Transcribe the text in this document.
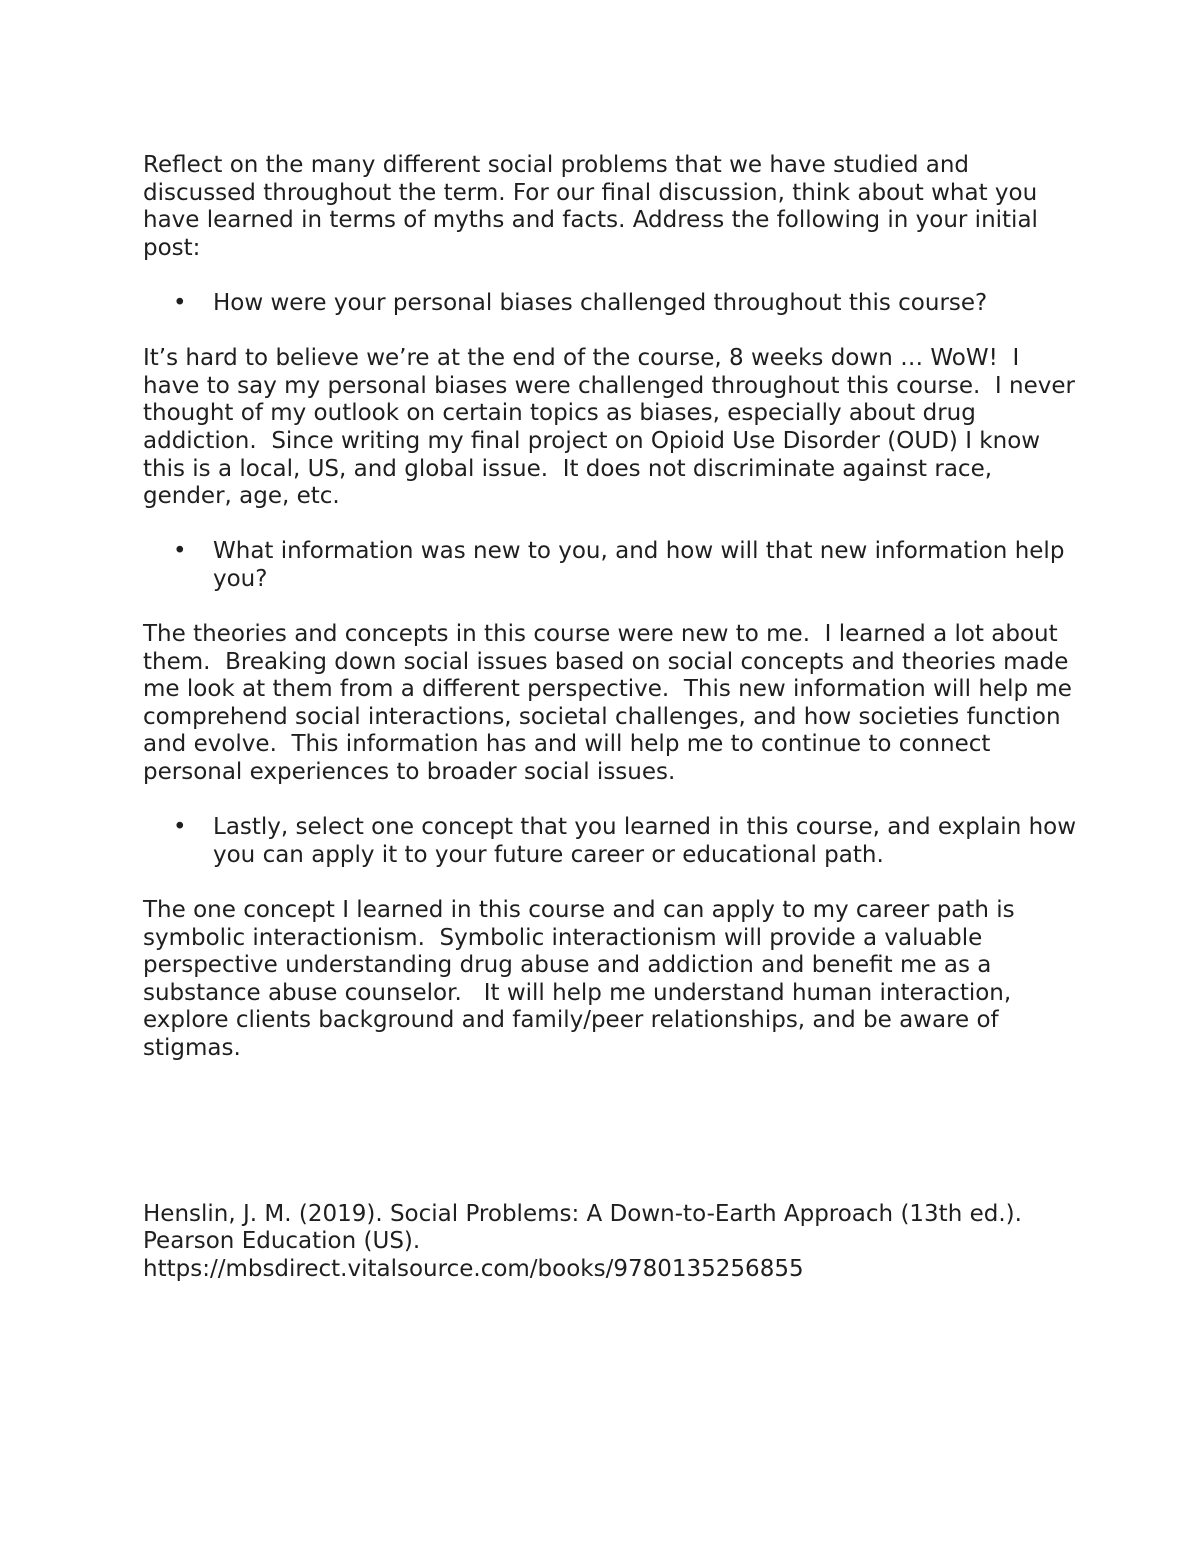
Reflect on the many different social problems that we have studied and discussed throughout the term. For our final discussion, think about what you have learned in terms of myths and facts. Address the following in your initial post:

• How were your personal biases challenged throughout this course?

It’s hard to believe we’re at the end of the course, 8 weeks down … WoW!  I have to say my personal biases were challenged throughout this course.  I never thought of my outlook on certain topics as biases, especially about drug addiction.  Since writing my final project on Opioid Use Disorder (OUD) I know this is a local, US, and global issue.  It does not discriminate against race, gender, age, etc.

• What information was new to you, and how will that new information help you?

The theories and concepts in this course were new to me.  I learned a lot about them.  Breaking down social issues based on social concepts and theories made me look at them from a different perspective.  This new information will help me comprehend social interactions, societal challenges, and how societies function and evolve.  This information has and will help me to continue to connect personal experiences to broader social issues.

• Lastly, select one concept that you learned in this course, and explain how you can apply it to your future career or educational path.

The one concept I learned in this course and can apply to my career path is symbolic interactionism.  Symbolic interactionism will provide a valuable perspective understanding drug abuse and addiction and benefit me as a substance abuse counselor.   It will help me understand human interaction, explore clients background and family/peer relationships, and be aware of stigmas.

Henslin, J. M. (2019). Social Problems: A Down-to-Earth Approach (13th ed.). Pearson Education (US).

https://mbsdirect.vitalsource.com/books/9780135256855
